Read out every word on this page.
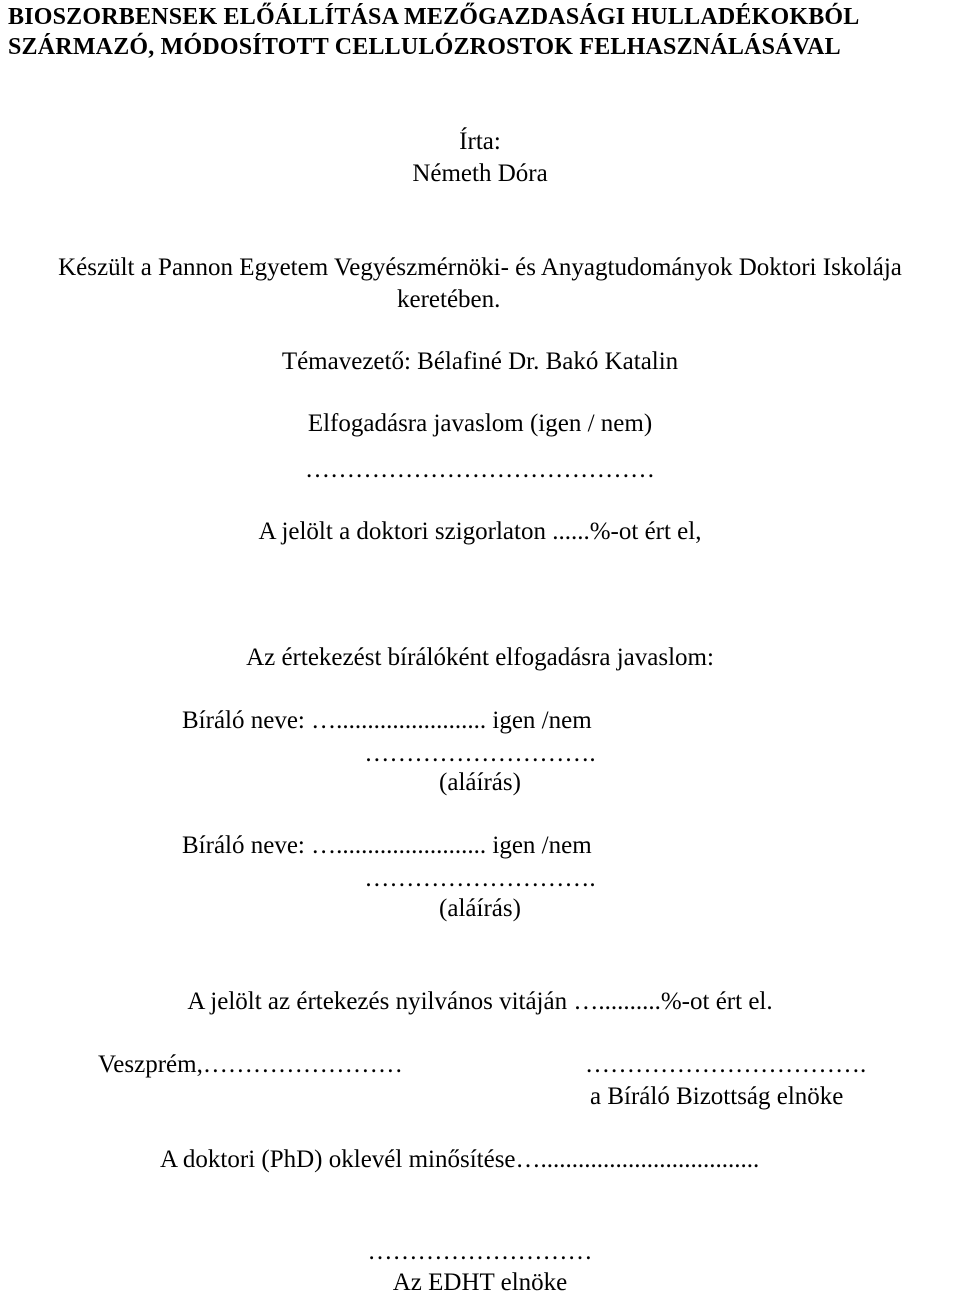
BIOSZORBENSEK ELŐÁLLÍTÁSA MEZŐGAZDASÁGI HULLADÉKOKBÓL

SZÁRMAZÓ, MÓDOSÍTOTT CELLULÓZROSTOK FELHASZNÁLÁSÁVAL

Írta:

Németh Dóra

Készült a Pannon Egyetem Vegyészmérnöki- és Anyagtudományok Doktori Iskolája

keretében.

Témavezető: Bélafiné Dr. Bakó Katalin

Elfogadásra javaslom (igen / nem)

……………………………………

A jelölt a doktori szigorlaton ......%-ot ért el,

Az értekezést bírálóként elfogadásra javaslom:

Bíráló neve: …........................ igen /nem

……………………….

(aláírás)

Bíráló neve: …........................ igen /nem

……………………….

(aláírás)

A jelölt az értekezés nyilvános vitáján …..........%-ot ért el.

Veszprém,……………………	…………………………….

a Bíráló Bizottság elnöke

A doktori (PhD) oklevél minősítése…...................................

………………………

Az EDHT elnöke
